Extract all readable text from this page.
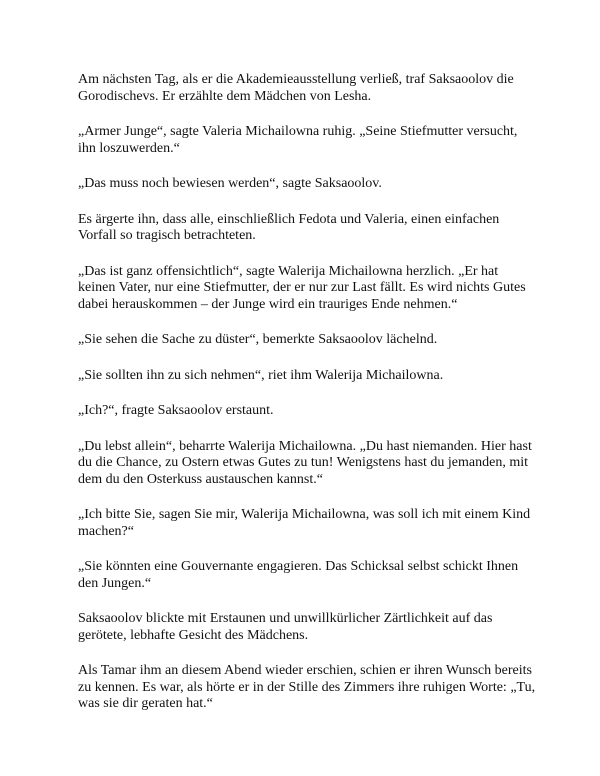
Am nächsten Tag, als er die Akademieausstellung verließ, traf Saksaoolov die Gorodischevs. Er erzählte dem Mädchen von Lesha.

„Armer Junge“, sagte Valeria Michailowna ruhig. „Seine Stiefmutter versucht, ihn loszuwerden.“

„Das muss noch bewiesen werden“, sagte Saksaoolov.

Es ärgerte ihn, dass alle, einschließlich Fedota und Valeria, einen einfachen Vorfall so tragisch betrachteten.

„Das ist ganz offensichtlich“, sagte Walerija Michailowna herzlich. „Er hat keinen Vater, nur eine Stiefmutter, der er nur zur Last fällt. Es wird nichts Gutes dabei herauskommen – der Junge wird ein trauriges Ende nehmen.“

„Sie sehen die Sache zu düster“, bemerkte Saksaoolov lächelnd.

„Sie sollten ihn zu sich nehmen“, riet ihm Walerija Michailowna.

„Ich?“, fragte Saksaoolov erstaunt.

„Du lebst allein“, beharrte Walerija Michailowna. „Du hast niemanden. Hier hast du die Chance, zu Ostern etwas Gutes zu tun! Wenigstens hast du jemanden, mit dem du den Osterkuss austauschen kannst.“

„Ich bitte Sie, sagen Sie mir, Walerija Michailowna, was soll ich mit einem Kind machen?“

„Sie könnten eine Gouvernante engagieren. Das Schicksal selbst schickt Ihnen den Jungen.“

Saksaoolov blickte mit Erstaunen und unwillkürlicher Zärtlichkeit auf das gerötete, lebhafte Gesicht des Mädchens.

Als Tamar ihm an diesem Abend wieder erschien, schien er ihren Wunsch bereits zu kennen. Es war, als hörte er in der Stille des Zimmers ihre ruhigen Worte: „Tu, was sie dir geraten hat.“
